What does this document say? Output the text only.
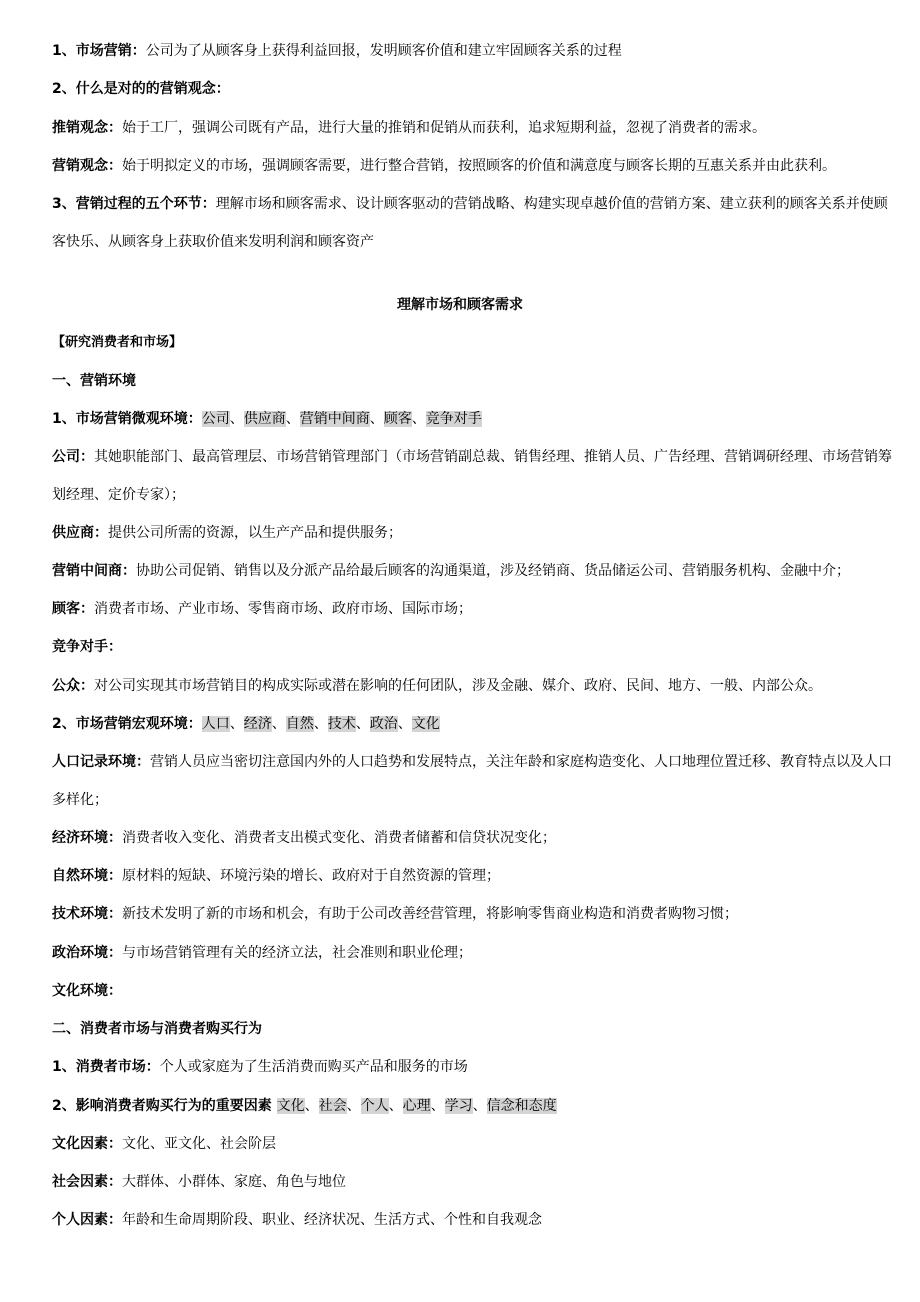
1、市场营销：公司为了从顾客身上获得利益回报，发明顾客价值和建立牢固顾客关系的过程
2、什么是对的的营销观念：
推销观念：始于工厂，强调公司既有产品，进行大量的推销和促销从而获利，追求短期利益，忽视了消费者的需求。
营销观念：始于明拟定义的市场，强调顾客需要，进行整合营销，按照顾客的价值和满意度与顾客长期的互惠关系并由此获利。
3、营销过程的五个环节：理解市场和顾客需求、设计顾客驱动的营销战略、构建实现卓越价值的营销方案、建立获利的顾客关系并使顾
客快乐、从顾客身上获取价值来发明利润和顾客资产
理解市场和顾客需求
【研究消费者和市场】
一、营销环境
1、市场营销微观环境：公司、供应商、营销中间商、顾客、竞争对手
公司：其她职能部门、最高管理层、市场营销管理部门（市场营销副总裁、销售经理、推销人员、广告经理、营销调研经理、市场营销筹
划经理、定价专家）；
供应商：提供公司所需的资源，以生产产品和提供服务；
营销中间商：协助公司促销、销售以及分派产品给最后顾客的沟通渠道，涉及经销商、货品储运公司、营销服务机构、金融中介；
顾客：消费者市场、产业市场、零售商市场、政府市场、国际市场；
竞争对手：
公众：对公司实现其市场营销目的构成实际或潜在影响的任何团队，涉及金融、媒介、政府、民间、地方、一般、内部公众。
2、市场营销宏观环境：人口、经济、自然、技术、政治、文化
人口记录环境：营销人员应当密切注意国内外的人口趋势和发展特点，关注年龄和家庭构造变化、人口地理位置迁移、教育特点以及人口
多样化；
经济环境：消费者收入变化、消费者支出模式变化、消费者储蓄和信贷状况变化；
自然环境：原材料的短缺、环境污染的增长、政府对于自然资源的管理；
技术环境：新技术发明了新的市场和机会，有助于公司改善经营管理，将影响零售商业构造和消费者购物习惯；
政治环境：与市场营销管理有关的经济立法，社会准则和职业伦理；
文化环境：
二、消费者市场与消费者购买行为
1、消费者市场：个人或家庭为了生活消费而购买产品和服务的市场
2、影响消费者购买行为的重要因素 文化、社会、个人、心理、学习、信念和态度
文化因素：文化、亚文化、社会阶层
社会因素：大群体、小群体、家庭、角色与地位
个人因素：年龄和生命周期阶段、职业、经济状况、生活方式、个性和自我观念
